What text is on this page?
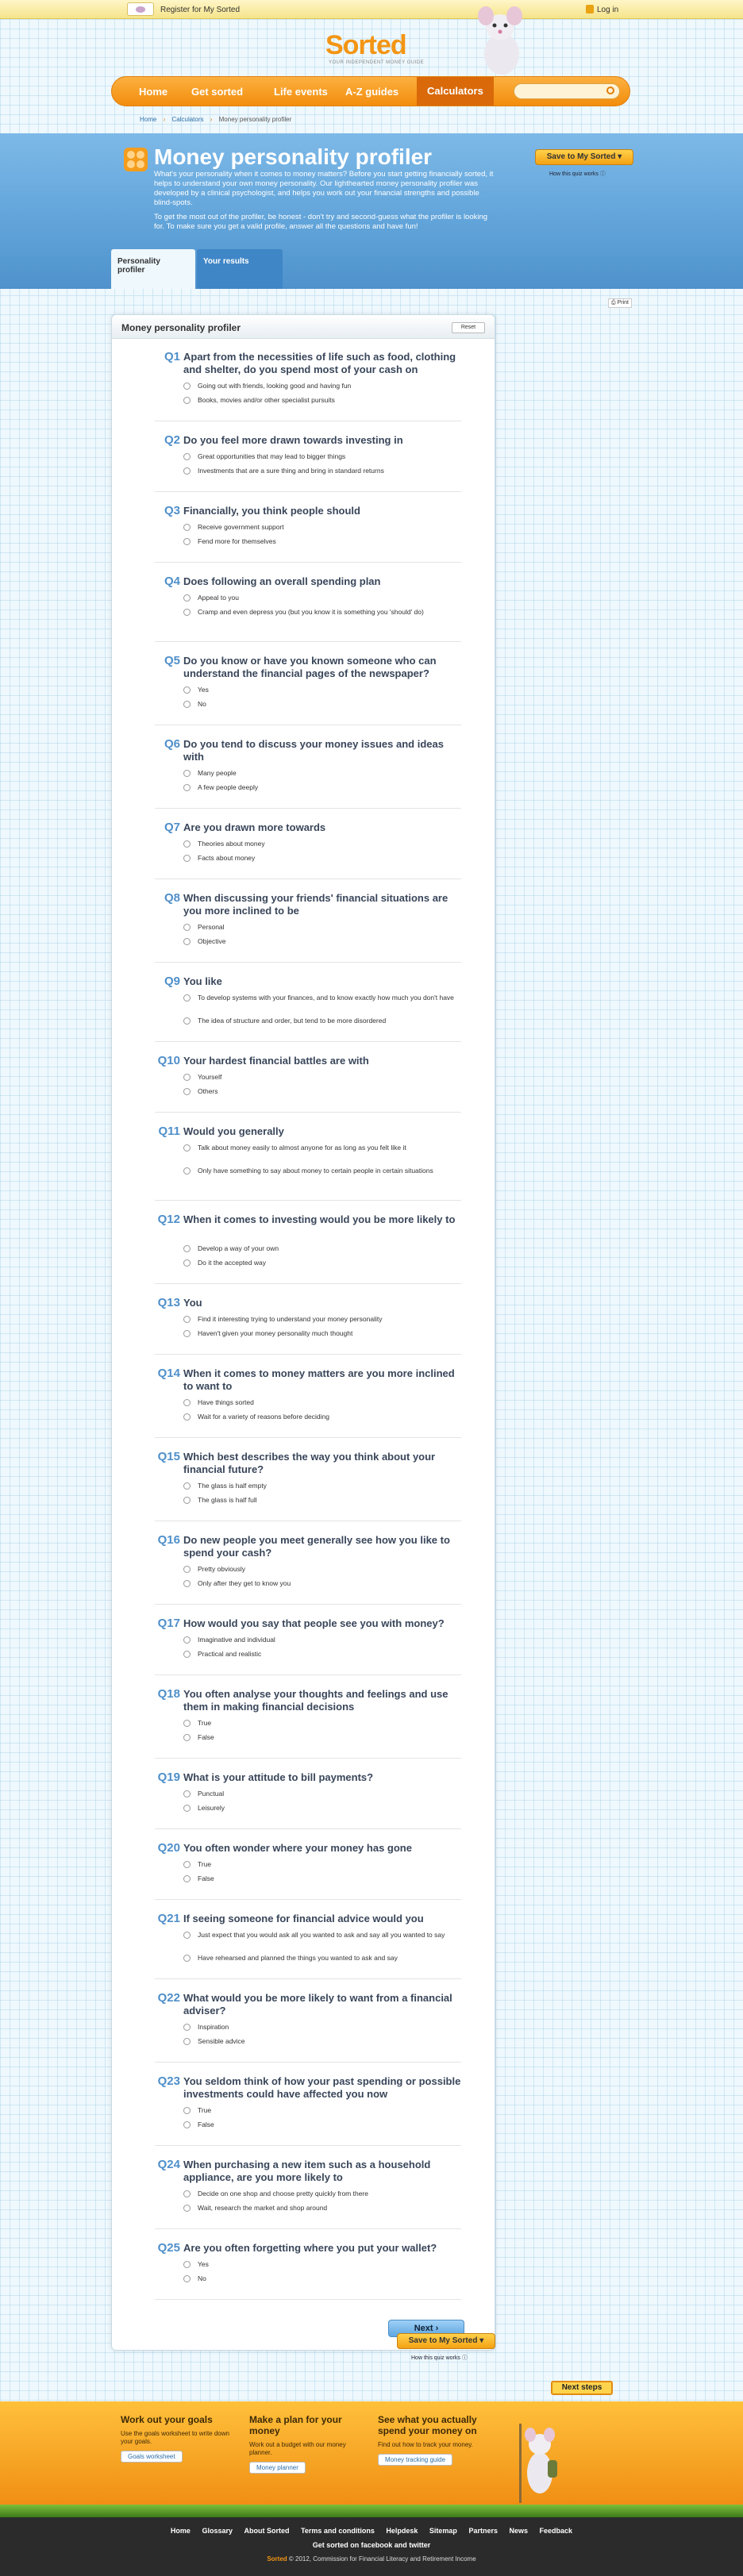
Register for My Sorted	Log in
Sorted
YOUR INDEPENDENT MONEY GUIDE
Home Get sorted	Life events A-Z guides	Calculators
Home › Calculators › Money personality profiler
Money personality profiler

What's your personality when it comes to money matters? Before you start getting financially sorted, it helps to understand your own money personality. Our lighthearted money personality profiler was developed by a clinical psychologist, and helps you work out your financial strengths and possible blind-spots.

To get the most out of the profiler, be honest - don't try and second-guess what the profiler is looking for. To make sure you get a valid profile, answer all the questions and have fun!

Save to My Sorted ▾
How this quiz works ⓘ
Personality profiler
Your results
⎙ Print
Money personality profiler	Reset
Q1 Apart from the necessities of life such as food, clothing and shelter, do you spend most of your cash on
Going out with friends, looking good and having fun
Books, movies and/or other specialist pursuits
Q2 Do you feel more drawn towards investing in
Great opportunities that may lead to bigger things
Investments that are a sure thing and bring in standard returns
Q3 Financially, you think people should
Receive government support
Fend more for themselves
Q4 Does following an overall spending plan
Appeal to you
Cramp and even depress you (but you know it is something you 'should' do)
Q5 Do you know or have you known someone who can understand the financial pages of the newspaper?
Yes
No
Q6 Do you tend to discuss your money issues and ideas with
Many people
A few people deeply
Q7 Are you drawn more towards
Theories about money
Facts about money
Q8 When discussing your friends' financial situations are you more inclined to be
Personal
Objective
Q9 You like
To develop systems with your finances, and to know exactly how much you don't have
The idea of structure and order, but tend to be more disordered
Q10 Your hardest financial battles are with
Yourself
Others
Q11 Would you generally
Talk about money easily to almost anyone for as long as you felt like it
Only have something to say about money to certain people in certain situations
Q12 When it comes to investing would you be more likely to
Develop a way of your own
Do it the accepted way
Q13 You
Find it interesting trying to understand your money personality
Haven't given your money personality much thought
Q14 When it comes to money matters are you more inclined to want to
Have things sorted
Wait for a variety of reasons before deciding
Q15 Which best describes the way you think about your financial future?
The glass is half empty
The glass is half full
Q16 Do new people you meet generally see how you like to spend your cash?
Pretty obviously
Only after they get to know you
Q17 How would you say that people see you with money?
Imaginative and individual
Practical and realistic
Q18 You often analyse your thoughts and feelings and use them in making financial decisions
True
False
Q19 What is your attitude to bill payments?
Punctual
Leisurely
Q20 You often wonder where your money has gone
True
False
Q21 If seeing someone for financial advice would you
Just expect that you would ask all you wanted to ask and say all you wanted to say
Have rehearsed and planned the things you wanted to ask and say
Q22 What would you be more likely to want from a financial adviser?
Inspiration
Sensible advice
Q23 You seldom think of how your past spending or possible investments could have affected you now
True
False
Q24 When purchasing a new item such as a household appliance, are you more likely to
Decide on one shop and choose pretty quickly from there
Wait, research the market and shop around
Q25 Are you often forgetting where you put your wallet?
Yes
No
Next ›
Save to My Sorted ▾
How this quiz works ⓘ
Next steps
Work out your goals

Use the goals worksheet to write down your goals.

Goals worksheet
Make a plan for your money

Work out a budget with our money planner.

Money planner
See what you actually spend your money on

Find out how to track your money.

Money tracking guide
Home Glossary About Sorted Terms and conditions Helpdesk Sitemap Partners News Feedback
Get sorted on facebook and twitter
Sorted © 2012, Commission for Financial Literacy and Retirement Income
